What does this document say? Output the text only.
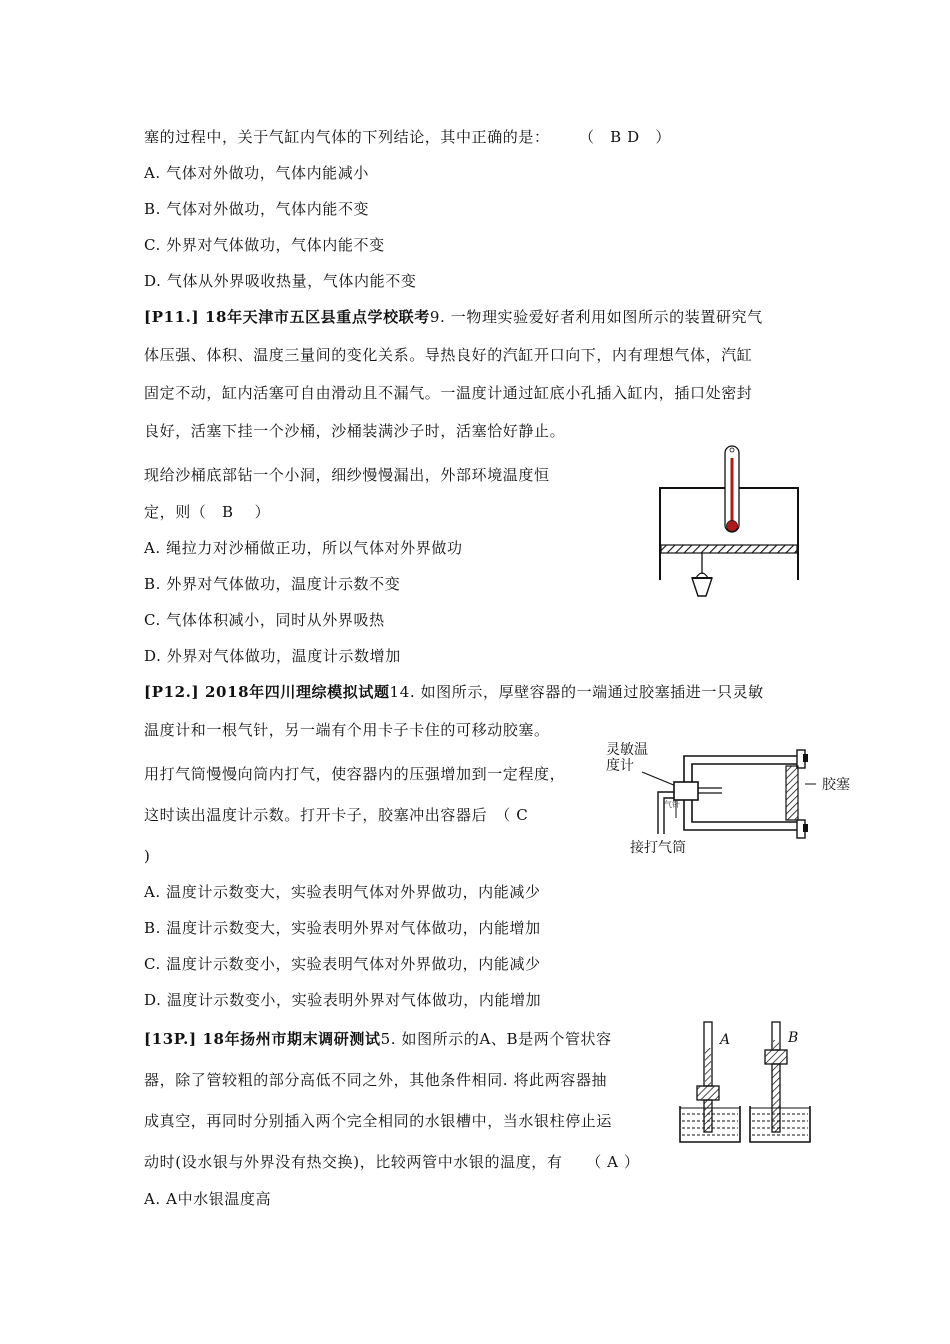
塞的过程中，关于气缸内气体的下列结论，其中正确的是： （　B D　）
A. 气体对外做功，气体内能减小
B. 气体对外做功，气体内能不变
C. 外界对气体做功，气体内能不变
D. 气体从外界吸收热量，气体内能不变
[P11.] 18年天津市五区县重点学校联考9. 一物理实验爱好者利用如图所示的装置研究气
体压强、体积、温度三量间的变化关系。导热良好的汽缸开口向下，内有理想气体，汽缸
固定不动，缸内活塞可自由滑动且不漏气。一温度计通过缸底小孔插入缸内，插口处密封
良好，活塞下挂一个沙桶，沙桶装满沙子时，活塞恰好静止。
现给沙桶底部钻一个小洞，细纱慢慢漏出，外部环境温度恒
定，则（　B　 ）
A. 绳拉力对沙桶做正功，所以气体对外界做功
B. 外界对气体做功，温度计示数不变
C. 气体体积减小，同时从外界吸热
D. 外界对气体做功，温度计示数增加
[P12.] 2018年四川理综模拟试题14. 如图所示，厚壁容器的一端通过胶塞插进一只灵敏
温度计和一根气针，另一端有个用卡子卡住的可移动胶塞。
用打气筒慢慢向筒内打气，使容器内的压强增加到一定程度，
这时读出温度计示数。打开卡子，胶塞冲出容器后　（ C
)
A. 温度计示数变大，实验表明气体对外界做功，内能减少
B. 温度计示数变大，实验表明外界对气体做功，内能增加
C. 温度计示数变小，实验表明气体对外界做功，内能减少
D. 温度计示数变小，实验表明外界对气体做功，内能增加
灵敏温
度计
胶塞
接打气筒
气针
[13P.] 18年扬州市期末调研测试5. 如图所示的A、B是两个管状容
器，除了管较粗的部分高低不同之外，其他条件相同. 将此两容器抽
成真空，再同时分别插入两个完全相同的水银槽中，当水银柱停止运
动时(设水银与外界没有热交换)，比较两管中水银的温度，有　　（ A ）
A. A中水银温度高
A	B
